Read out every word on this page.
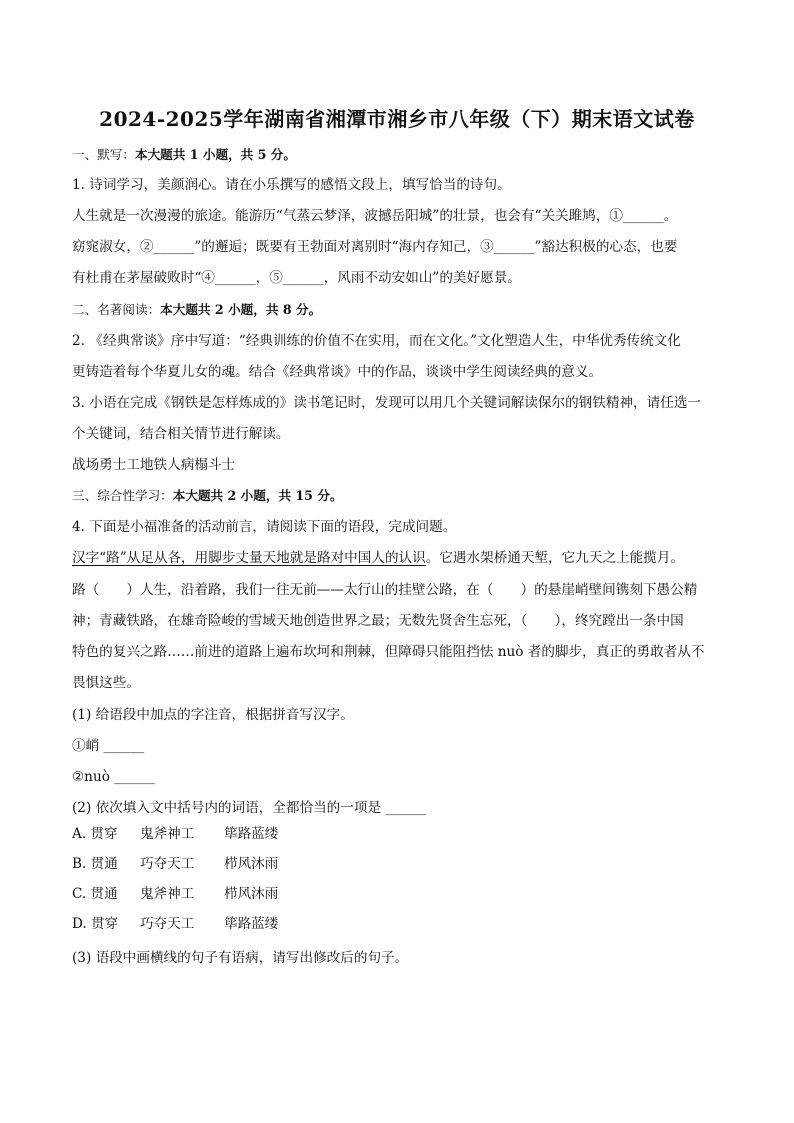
2024-2025学年湖南省湘潭市湘乡市八年级（下）期末语文试卷
一、默写：本大题共 1 小题，共 5 分。
1. 诗词学习，美颜润心。请在小乐撰写的感悟文段上，填写恰当的诗句。
人生就是一次漫漫的旅途。能游历“气蒸云梦泽，波撼岳阳城”的壮景，也会有“关关雎鸠，①______。
窈窕淑女，②______”的邂逅；既要有王勃面对离别时“海内存知己，③______”豁达积极的心态，也要
有杜甫在茅屋破败时“④______，⑤______，风雨不动安如山”的美好愿景。
二、名著阅读：本大题共 2 小题，共 8 分。
2. 《经典常谈》序中写道：“经典训练的价值不在实用，而在文化。”文化塑造人生，中华优秀传统文化
更铸造着每个华夏儿女的魂。结合《经典常谈》中的作品，谈谈中学生阅读经典的意义。
3. 小语在完成《钢铁是怎样炼成的》读书笔记时，发现可以用几个关键词解读保尔的钢铁精神，请任选一
个关键词，结合相关情节进行解读。
战场勇士工地铁人病榻斗士
三、综合性学习：本大题共 2 小题，共 15 分。
4. 下面是小福准备的活动前言，请阅读下面的语段，完成问题。
汉字“路”从足从各，用脚步丈量天地就是路对中国人的认识。它遇水架桥通天堑，它九天之上能揽月。
路（　　）人生，沿着路，我们一往无前——太行山的挂壁公路，在（　　）的悬崖峭壁间镌刻下愚公精
神；青藏铁路，在雄奇险峻的雪域天地创造世界之最；无数先贤舍生忘死，（　　），终究蹚出一条中国
特色的复兴之路……前进的道路上遍布坎坷和荆棘，但障碍只能阻挡怯 nuò 者的脚步，真正的勇敢者从不
畏惧这些。
(1) 给语段中加点的字注音，根据拼音写汉字。
①峭 ______
②nuò ______
(2) 依次填入文中括号内的词语，全都恰当的一项是 ______
A. 贯穿 鬼斧神工 筚路蓝缕
B. 贯通 巧夺天工 栉风沐雨
C. 贯通 鬼斧神工 栉风沐雨
D. 贯穿 巧夺天工 筚路蓝缕
(3) 语段中画横线的句子有语病，请写出修改后的句子。
